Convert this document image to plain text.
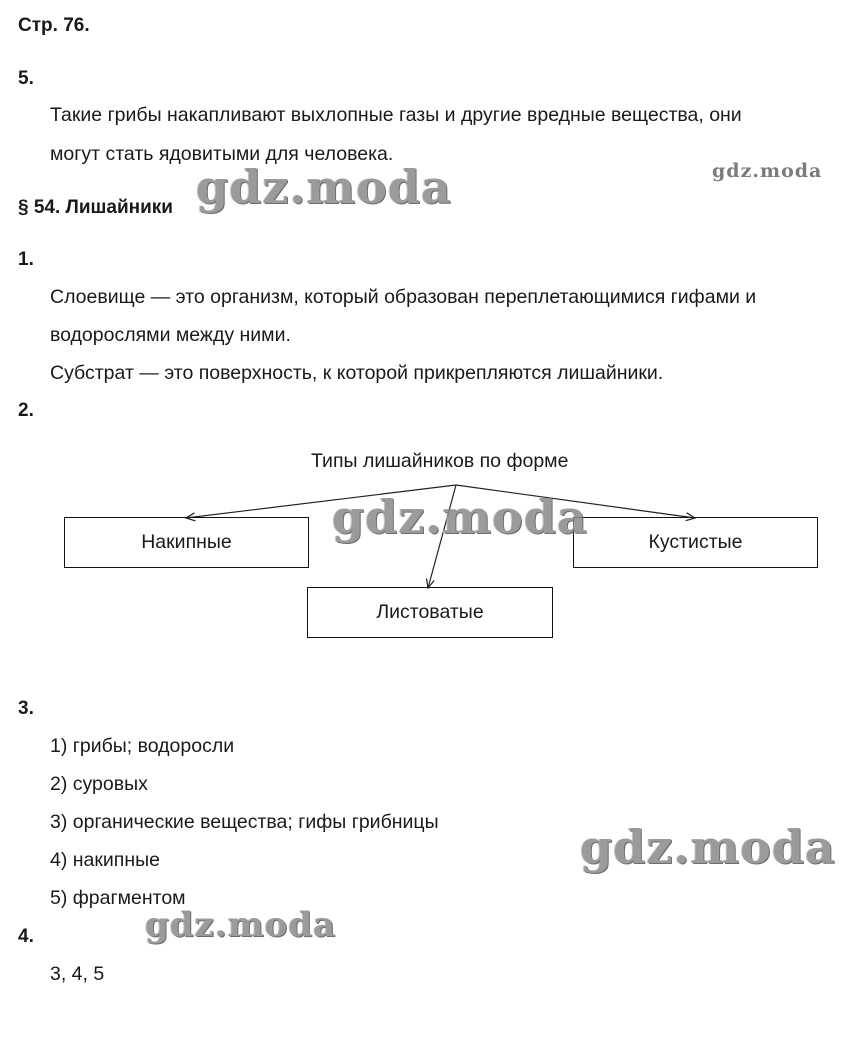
Стр. 76.
5.
Такие грибы накапливают выхлопные газы и другие вредные вещества, они
могут стать ядовитыми для человека.
§ 54. Лишайники
1.
Слоевище — это организм, который образован переплетающимися гифами и
водорослями между ними.
Субстрат — это поверхность, к которой прикрепляются лишайники.
2.
Типы лишайников по форме
Накипные	Кустистые
Листоватые
3.
1) грибы; водоросли
2) суровых
3) органические вещества; гифы грибницы
4) накипные
5) фрагментом
4.
3, 4, 5
gdz.moda	gdz.moda
gdz.moda
gdz.moda
gdz.moda
